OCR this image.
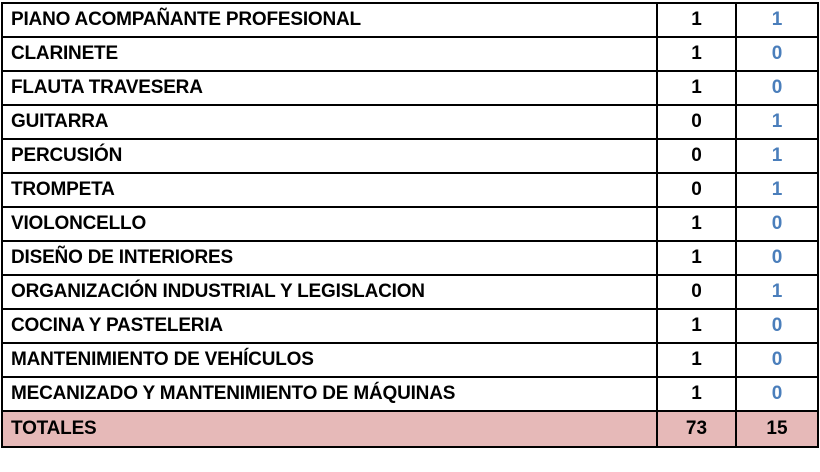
PIANO ACOMPAÑANTE PROFESIONAL	1	1
CLARINETE	1	0
FLAUTA TRAVESERA	1	0
GUITARRA	0	1
PERCUSIÓN	0	1
TROMPETA	0	1
VIOLONCELLO	1	0
DISEÑO DE INTERIORES	1	0
ORGANIZACIÓN INDUSTRIAL Y LEGISLACION	0	1
COCINA Y PASTELERIA	1	0
MANTENIMIENTO DE VEHÍCULOS	1	0
MECANIZADO Y MANTENIMIENTO DE MÁQUINAS	1	0
TOTALES	73	15
